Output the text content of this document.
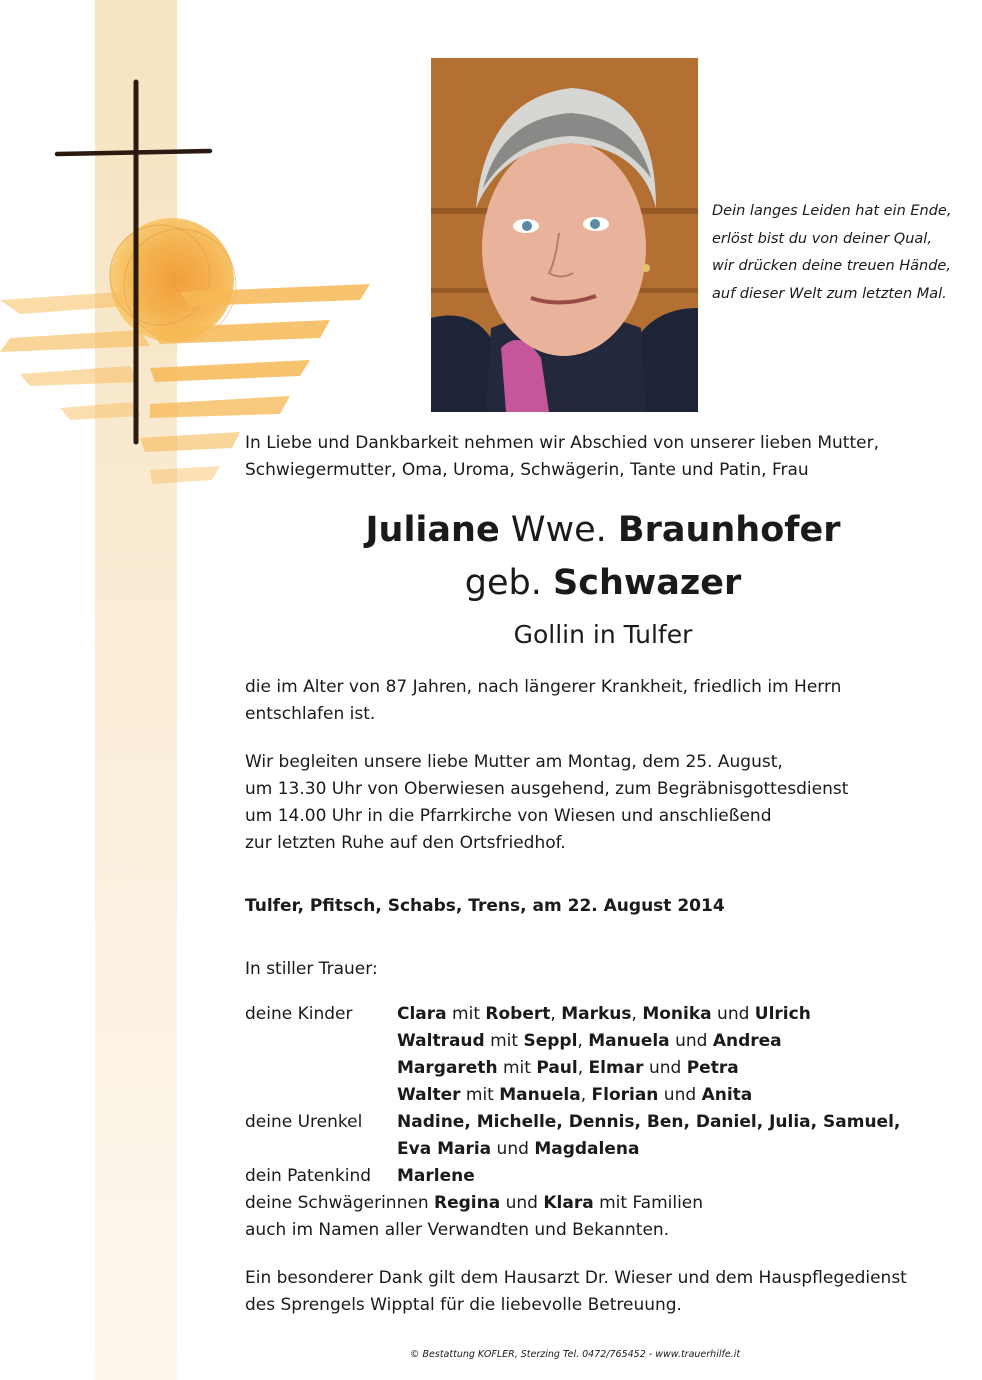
Dein langes Leiden hat ein Ende,
erlöst bist du von deiner Qual,
wir drücken deine treuen Hände,
auf dieser Welt zum letzten Mal.
In Liebe und Dankbarkeit nehmen wir Abschied von unserer lieben Mutter,
Schwiegermutter, Oma, Uroma, Schwägerin, Tante und Patin, Frau
Juliane Wwe. Braunhofer
geb. Schwazer
Gollin in Tulfer
die im Alter von 87 Jahren, nach längerer Krankheit, friedlich im Herrn
entschlafen ist.
Wir begleiten unsere liebe Mutter am Montag, dem 25. August,
um 13.30 Uhr von Oberwiesen ausgehend, zum Begräbnisgottesdienst
um 14.00 Uhr in die Pfarrkirche von Wiesen und anschließend
zur letzten Ruhe auf den Ortsfriedhof.
Tulfer, Pfitsch, Schabs, Trens, am 22. August 2014
In stiller Trauer:
deine Kinder	Clara mit Robert, Markus, Monika und Ulrich
Waltraud mit Seppl, Manuela und Andrea
Margareth mit Paul, Elmar und Petra
Walter mit Manuela, Florian und Anita
deine Urenkel Nadine, Michelle, Dennis, Ben, Daniel, Julia, Samuel,
Eva Maria und Magdalena
dein Patenkind Marlene
deine Schwägerinnen Regina und Klara mit Familien
auch im Namen aller Verwandten und Bekannten.
Ein besonderer Dank gilt dem Hausarzt Dr. Wieser und dem Hauspflegedienst
des Sprengels Wipptal für die liebevolle Betreuung.
© Bestattung KOFLER, Sterzing Tel. 0472/765452 - www.trauerhilfe.it
